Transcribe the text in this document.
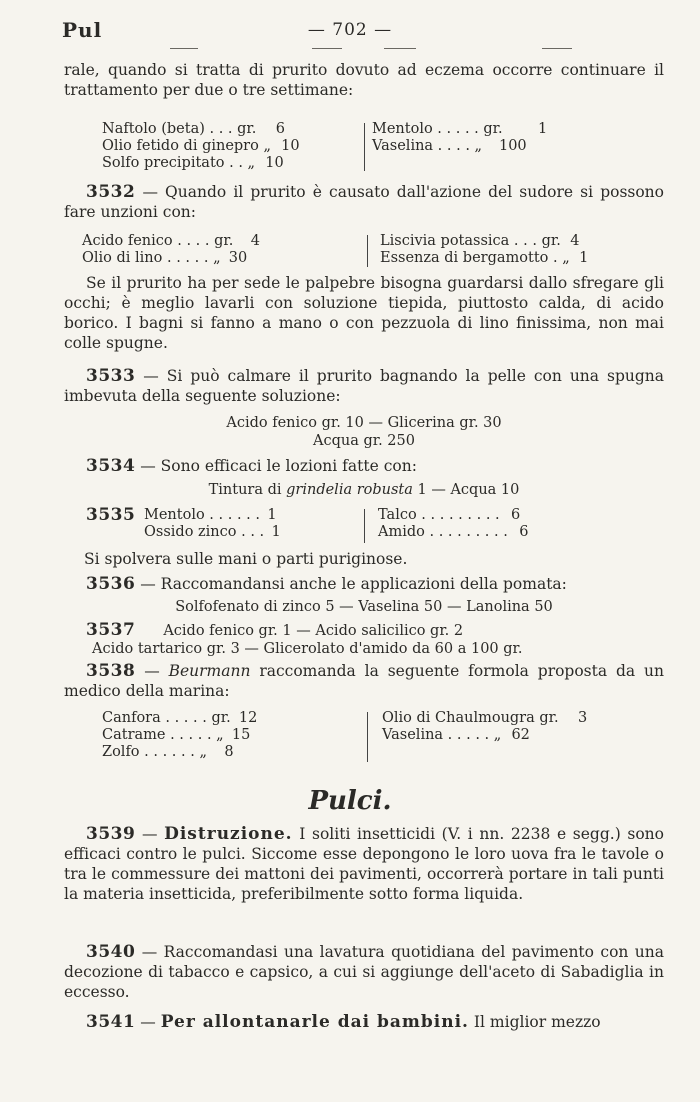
Pul	— 702 —

rale, quando si tratta di prurito dovuto ad eczema occorre continuare il trattamento per due o tre settimane:

Naftolo (beta) . . . gr. 6
Olio fetido di ginepro „ 10
Solfo precipitato . . „ 10
Mentolo . . . . . gr. 1
Vaselina . . . . „ 100

3532 — Quando il prurito è causato dall'azione del sudore si possono fare unzioni con:

Acido fenico . . . . gr. 4
Olio di lino . . . . . „ 30
Liscivia potassica . . . gr. 4
Essenza di bergamotto . „ 1

Se il prurito ha per sede le palpebre bisogna guardarsi dallo sfregare gli occhi; è meglio lavarli con soluzione tiepida, piuttosto calda, di acido borico. I bagni si fanno a mano o con pezzuola di lino finissima, non mai colle spugne.

3533 — Si può calmare il prurito bagnando la pelle con una spugna imbevuta della seguente soluzione:

Acido fenico gr. 10 — Glicerina gr. 30

Acqua gr. 250

3534 — Sono efficaci le lozioni fatte con:

Tintura di grindelia robusta 1 — Acqua 10

3535 Mentolo . . . . . . 1
Ossido zinco . . . 1
Talco . . . . . . . . . 6
Amido . . . . . . . . . 6

Si spolvera sulle mani o parti puriginose.

3536 — Raccomandansi anche le applicazioni della pomata:

Solfofenato di zinco 5 — Vaselina 50 — Lanolina 50

3537 Acido fenico gr. 1 — Acido salicilico gr. 2

Acido tartarico gr. 3 — Glicerolato d'amido da 60 a 100 gr.

3538 — Beurmann raccomanda la seguente formola proposta da un medico della marina:

Canfora . . . . . gr. 12
Catrame . . . . . „ 15
Zolfo . . . . . . „ 8
Olio di Chaulmougra gr. 3
Vaselina . . . . . „ 62
Pulci.

3539 — Distruzione. I soliti insetticidi (V. i nn. 2238 e segg.) sono efficaci contro le pulci. Siccome esse depongono le loro uova fra le tavole o tra le commessure dei mattoni dei pavimenti, occorrerà portare in tali punti la materia insetticida, preferibilmente sotto forma liquida.

3540 — Raccomandasi una lavatura quotidiana del pavimento con una decozione di tabacco e capsico, a cui si aggiunge dell'aceto di Sabadiglia in eccesso.

3541 — Per allontanarle dai bambini. Il miglior mezzo
